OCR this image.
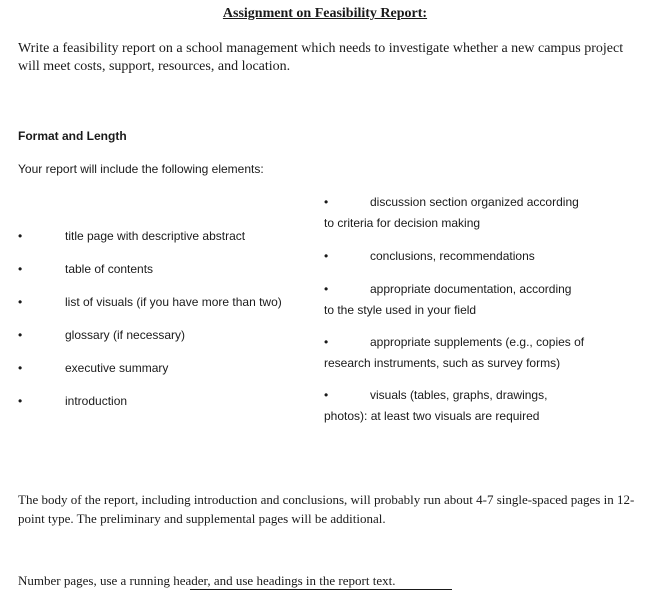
Assignment on Feasibility Report:
Write a feasibility report on a school management which needs to investigate whether a new campus project will meet costs, support, resources, and location.
Format and Length
Your report will include the following elements:
•	title page with descriptive abstract
•	table of contents
•	list of visuals (if you have more than two)
•	glossary (if necessary)
•	executive summary
•	introduction
•	discussion section organized according
to criteria for decision making
•	conclusions, recommendations
•	appropriate documentation, according
to the style used in your field
•	appropriate supplements (e.g., copies of
research instruments, such as survey forms)
•	visuals (tables, graphs, drawings,
photos): at least two visuals are required
The body of the report, including introduction and conclusions, will probably run about 4-7 single-spaced pages in 12-point type. The preliminary and supplemental pages will be additional.
Number pages, use a running header, and use headings in the report text.
